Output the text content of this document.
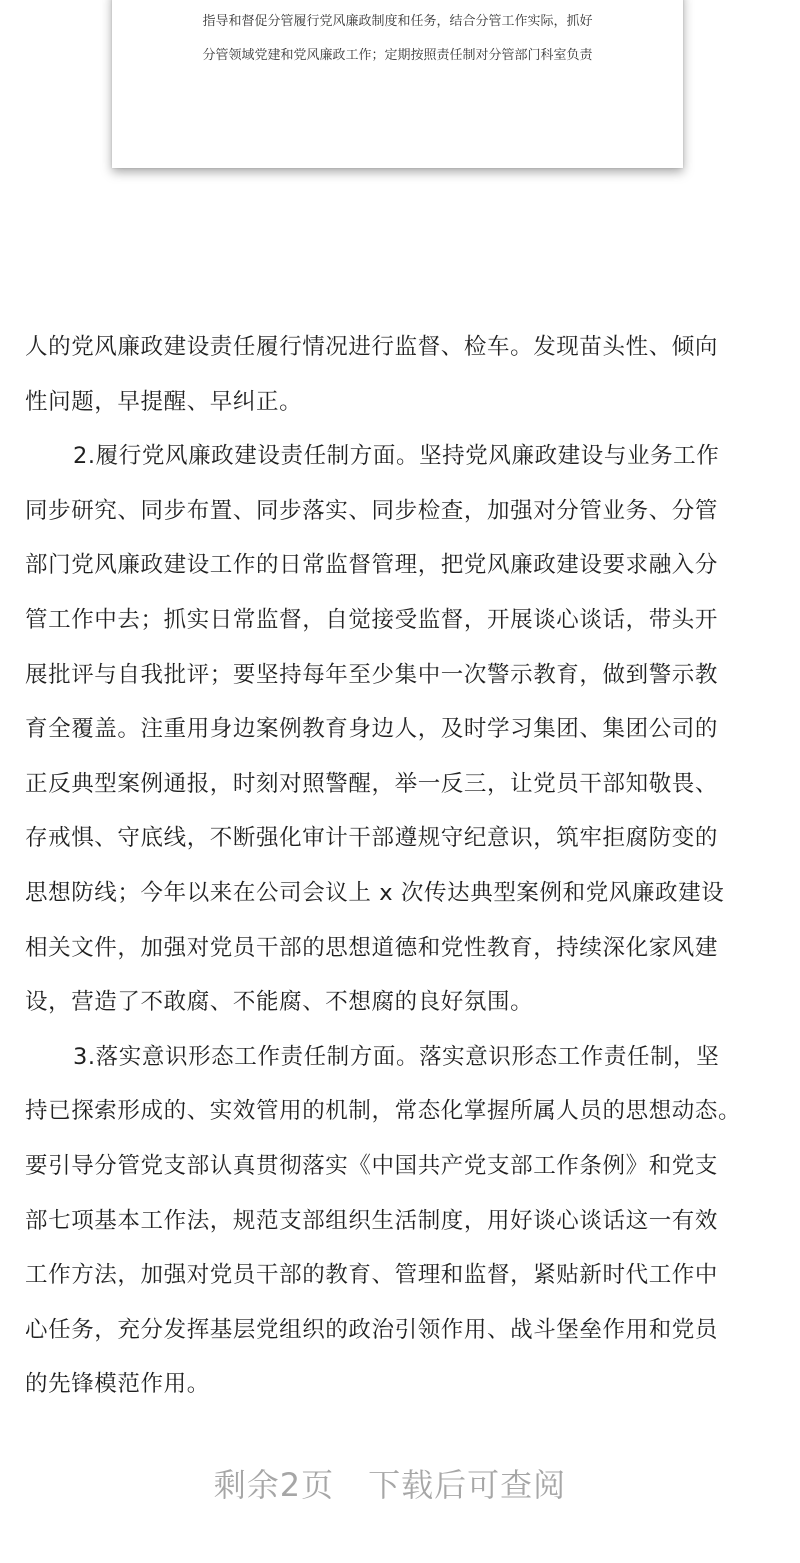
指导和督促分管履行党风廉政制度和任务，结合分管工作实际，抓好
分管领域党建和党风廉政工作；定期按照责任制对分管部门科室负责
人的党风廉政建设责任履行情况进行监督、检车。发现苗头性、倾向
性问题，早提醒、早纠正。
2.履行党风廉政建设责任制方面。坚持党风廉政建设与业务工作
同步研究、同步布置、同步落实、同步检查，加强对分管业务、分管
部门党风廉政建设工作的日常监督管理，把党风廉政建设要求融入分
管工作中去；抓实日常监督，自觉接受监督，开展谈心谈话，带头开
展批评与自我批评；要坚持每年至少集中一次警示教育，做到警示教
育全覆盖。注重用身边案例教育身边人，及时学习集团、集团公司的
正反典型案例通报，时刻对照警醒，举一反三，让党员干部知敬畏、
存戒惧、守底线，不断强化审计干部遵规守纪意识，筑牢拒腐防变的
思想防线；今年以来在公司会议上 x 次传达典型案例和党风廉政建设
相关文件，加强对党员干部的思想道德和党性教育，持续深化家风建
设，营造了不敢腐、不能腐、不想腐的良好氛围。
3.落实意识形态工作责任制方面。落实意识形态工作责任制，坚
持已探索形成的、实效管用的机制，常态化掌握所属人员的思想动态。
要引导分管党支部认真贯彻落实《中国共产党支部工作条例》和党支
部七项基本工作法，规范支部组织生活制度，用好谈心谈话这一有效
工作方法，加强对党员干部的教育、管理和监督，紧贴新时代工作中
心任务，充分发挥基层党组织的政治引领作用、战斗堡垒作用和党员
的先锋模范作用。
剩余2页 下载后可查阅
